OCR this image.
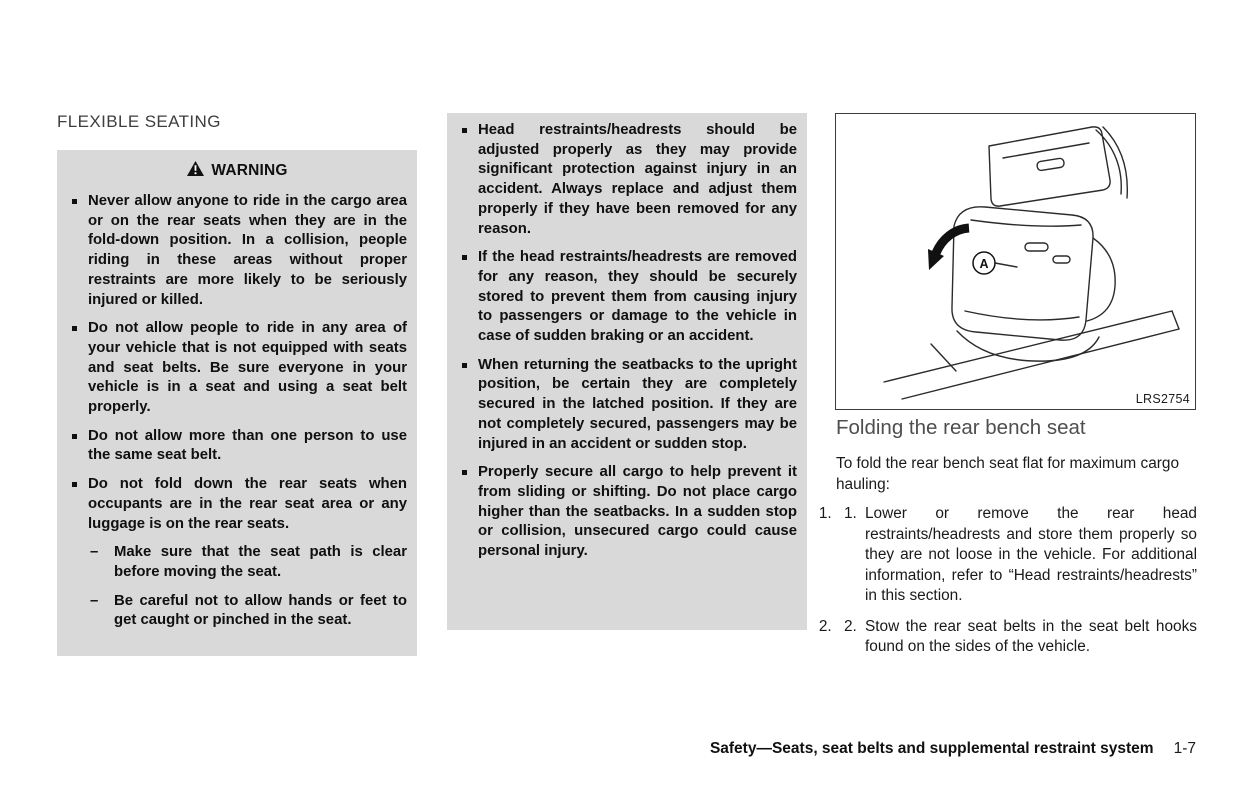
FLEXIBLE SEATING
WARNING
Never allow anyone to ride in the cargo area or on the rear seats when they are in the fold-down position. In a collision, people riding in these areas without proper restraints are more likely to be seriously injured or killed.
Do not allow people to ride in any area of your vehicle that is not equipped with seats and seat belts. Be sure everyone in your vehicle is in a seat and using a seat belt properly.
Do not allow more than one person to use the same seat belt.
Do not fold down the rear seats when occupants are in the rear seat area or any luggage is on the rear seats.
– Make sure that the seat path is clear before moving the seat.
– Be careful not to allow hands or feet to get caught or pinched in the seat.
Head restraints/headrests should be adjusted properly as they may provide significant protection against injury in an accident. Always replace and adjust them properly if they have been removed for any reason.
If the head restraints/headrests are removed for any reason, they should be securely stored to prevent them from causing injury to passengers or damage to the vehicle in case of sudden braking or an accident.
When returning the seatbacks to the upright position, be certain they are completely secured in the latched position. If they are not completely secured, passengers may be injured in an accident or sudden stop.
Properly secure all cargo to help prevent it from sliding or shifting. Do not place cargo higher than the seatbacks. In a sudden stop or collision, unsecured cargo could cause personal injury.
A
LRS2754
Folding the rear bench seat

To fold the rear bench seat flat for maximum cargo hauling:

1. 1. Lower or remove the rear head restraints/headrests and store them properly so they are not loose in the vehicle. For additional information, refer to “Head restraints/headrests” in this section.
2. 2. Stow the rear seat belts in the seat belt hooks found on the sides of the vehicle.
Safety—Seats, seat belts and supplemental restraint system 1-7
